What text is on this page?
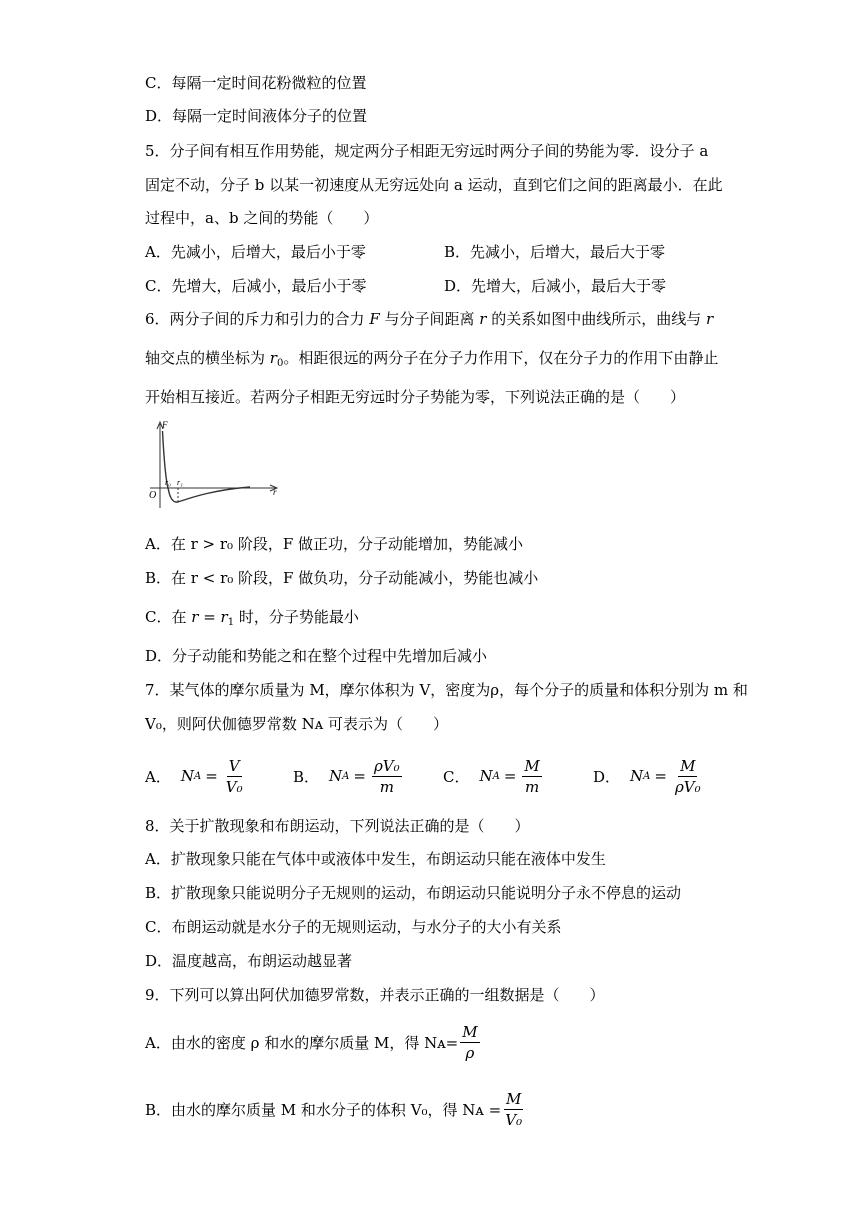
C．每隔一定时间花粉微粒的位置
D．每隔一定时间液体分子的位置
5．分子间有相互作用势能，规定两分子相距无穷远时两分子间的势能为零．设分子 a
固定不动，分子 b 以某一初速度从无穷远处向 a 运动，直到它们之间的距离最小．在此
过程中，a、b 之间的势能（　　）
A．先减小，后增大，最后小于零	B．先减小，后增大，最后大于零
C．先增大，后减小，最后小于零	D．先增大，后减小，最后大于零
6．两分子间的斥力和引力的合力 F 与分子间距离 r 的关系如图中曲线所示，曲线与 r
轴交点的横坐标为 $r_0$。相距很远的两分子在分子力作用下，仅在分子力的作用下由静止
开始相互接近。若两分子相距无穷远时分子势能为零，下列说法正确的是（　　）
F
r
O
r₀ r₁
A．在 r > r₀ 阶段，F 做正功，分子动能增加，势能减小
B．在 r < r₀ 阶段，F 做负功，分子动能减小，势能也减小
C．在 $r = r_1$ 时，分子势能最小
D．分子动能和势能之和在整个过程中先增加后减小
7．某气体的摩尔质量为 M，摩尔体积为 V，密度为ρ，每个分子的质量和体积分别为 m 和
V₀，则阿伏伽德罗常数 Nᴀ 可表示为（　　）
A． N $A = \frac{V}{\text{V₀}}$	B． N $A = \frac{\text{ρV₀}}{m}$	C． N $A = \frac{M}{m}$	D． N $A = \frac{M}{\text{ρV₀}}$
8．关于扩散现象和布朗运动，下列说法正确的是（　　）
A．扩散现象只能在气体中或液体中发生，布朗运动只能在液体中发生
B．扩散现象只能说明分子无规则的运动，布朗运动只能说明分子永不停息的运动
C．布朗运动就是水分子的无规则运动，与水分子的大小有关系
D．温度越高，布朗运动越显著
9．下列可以算出阿伏加德罗常数，并表示正确的一组数据是（　　）
A．由水的密度 ρ 和水的摩尔质量 M，得 Nᴀ= $\frac{M}{\rho}$
B．由水的摩尔质量 M 和水分子的体积 V₀，得 Nᴀ = $\frac{M}{\text{V₀}}$
